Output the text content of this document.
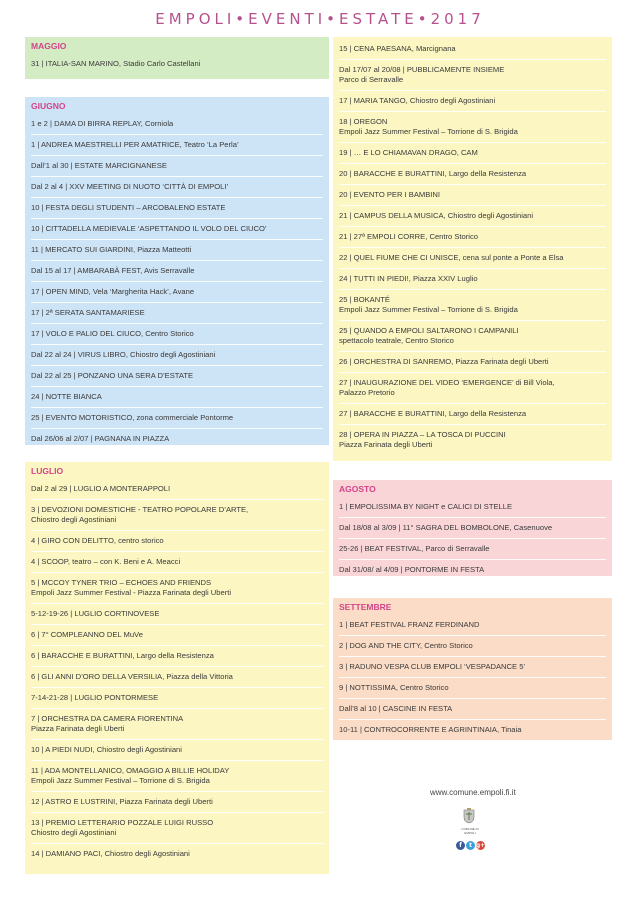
EMPOLI•EVENTI•ESTATE•2017
MAGGIO
31 | ITALIA-SAN MARINO, Stadio Carlo Castellani
GIUGNO
1 e 2 | DAMA DI BIRRA REPLAY, Corniola
1 | ANDREA MAESTRELLI PER AMATRICE, Teatro ‘La Perla’
Dall’1 al 30 | ESTATE MARCIGNANESE
Dal 2 al 4 | XXV MEETING DI NUOTO ‘CITTÀ DI EMPOLI’
10 | FESTA DEGLI STUDENTI – ARCOBALENO ESTATE
10 | CITTADELLA MEDIEVALE ‘ASPETTANDO IL VOLO DEL CIUCO’
11 | MERCATO SUI GIARDINI, Piazza Matteotti
Dal 15 al 17 | AMBARABÀ FEST, Avis Serravalle
17 | OPEN MIND, Vela ‘Margherita Hack’, Avane
17 | 2ª SERATA SANTAMARIESE
17 | VOLO E PALIO DEL CIUCO, Centro Storico
Dal 22 al 24 | VIRUS LIBRO, Chiostro degli Agostiniani
Dal 22 al 25 | PONZANO UNA SERA D’ESTATE
24 | NOTTE BIANCA
25 | EVENTO MOTORISTICO, zona commerciale Pontorme
Dal 26/06 al 2/07 | PAGNANA IN PIAZZA
LUGLIO
Dal 2 al 29 | LUGLIO A MONTERAPPOLI
3 | DEVOZIONI DOMESTICHE - TEATRO POPOLARE D’ARTE,
Chiostro degli Agostiniani
4 | GIRO CON DELITTO, centro storico
4 | SCOOP, teatro – con K. Beni e A. Meacci
5 | MCCOY TYNER TRIO – ECHOES AND FRIENDS
Empoli Jazz Summer Festival - Piazza Farinata degli Uberti
5-12-19-26 | LUGLIO CORTINOVESE
6 | 7° COMPLEANNO DEL MuVe
6 | BARACCHE E BURATTINI, Largo della Resistenza
6 | GLI ANNI D’ORO DELLA VERSILIA, Piazza della Vittoria
7-14-21-28 | LUGLIO PONTORMESE
7 | ORCHESTRA DA CAMERA FIORENTINA
Piazza Farinata degli Uberti
10 | A PIEDI NUDI, Chiostro degli Agostiniani
11 | ADA MONTELLANICO, OMAGGIO A BILLIE HOLIDAY
Empoli Jazz Summer Festival – Torrione di S. Brigida
12 | ASTRO E LUSTRINI, Piazza Farinata degli Uberti
13 | PREMIO LETTERARIO POZZALE LUIGI RUSSO
Chiostro degli Agostiniani
14 | DAMIANO PACI, Chiostro degli Agostiniani
15 | CENA PAESANA, Marcignana
Dal 17/07 al 20/08 | PUBBLICAMENTE INSIEME
Parco di Serravalle
17 | MARIA TANGO, Chiostro degli Agostiniani
18 | OREGON
Empoli Jazz Summer Festival – Torrione di S. Brigida
19 | … E LO CHIAMAVAN DRAGO, CAM
20 | BARACCHE E BURATTINI, Largo della Resistenza
20 | EVENTO PER I BAMBINI
21 | CAMPUS DELLA MUSICA, Chiostro degli Agostiniani
21 | 27ª EMPOLI CORRE, Centro Storico
22 | QUEL FIUME CHE CI UNISCE, cena sul ponte a Ponte a Elsa
24 | TUTTI IN PIEDI!, Piazza XXIV Luglio
25 | BOKANTÉ
Empoli Jazz Summer Festival – Torrione di S. Brigida
25 | QUANDO A EMPOLI SALTARONO I CAMPANILI
spettacolo teatrale, Centro Storico
26 | ORCHESTRA DI SANREMO, Piazza Farinata degli Uberti
27 | INAUGURAZIONE DEL VIDEO ‘EMERGENCE’ di Bill Viola,
Palazzo Pretorio
27 | BARACCHE E BURATTINI, Largo della Resistenza
28 | OPERA IN PIAZZA – LA TOSCA DI PUCCINI
Piazza Farinata degli Uberti
AGOSTO
1 | EMPOLISSIMA BY NIGHT e CALICI DI STELLE
Dal 18/08 al 3/09 | 11° SAGRA DEL BOMBOLONE, Casenuove
25-26 | BEAT FESTIVAL, Parco di Serravalle
Dal 31/08/ al 4/09 | PONTORME IN FESTA
SETTEMBRE
1 | BEAT FESTIVAL FRANZ FERDINAND
2 | DOG AND THE CITY, Centro Storico
3 | RADUNO VESPA CLUB EMPOLI ‘VESPADANCE 5’
9 | NOTTISSIMA, Centro Storico
Dall’8 al 10 | CASCINE IN FESTA
10-11 | CONTROCORRENTE E AGRINTINAIA, Tinaia
www.comune.empoli.fi.it
COMUNE DI EMPOLI
f	t g+
